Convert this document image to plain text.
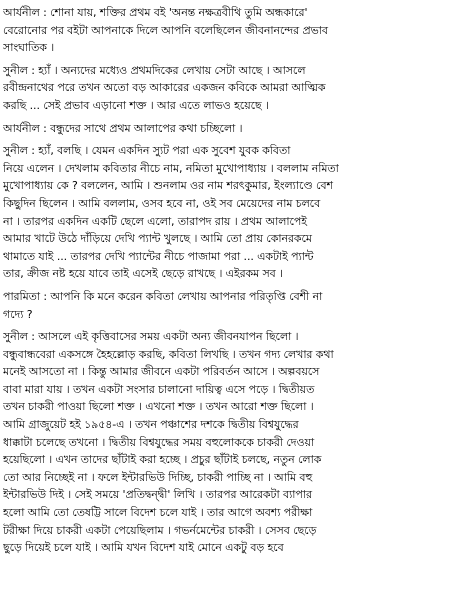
আর্যনীল : শোনা যায়, শক্তির প্রথম বই 'অনন্ত নক্ষত্রবীথি তুমি অন্ধকারে'
বেরোনোর পর বইটা আপনাকে দিলে আপনি বলেছিলেন জীবনানন্দের প্রভাব
সাংঘাতিক ।
সুনীল : হ্যাঁ । অন্যদের মধ্যেও প্রথমদিকের লেখায় সেটা আছে । আসলে
রবীন্দ্রনাথের পরে তখন অতো বড় আকারের একজন কবিকে আমরা আত্মিক
করছি ... সেই প্রভাব এড়ানো শক্ত । আর এতে লাভও হয়েছে ।
আর্যনীল : বন্ধুদের সাথে প্রথম আলাপের কথা চচ্ছিলো ।
সুনীল : হ্যাঁ, বলছি । যেমন একদিন স্যুট পরা এক সুবেশ যুবক কবিতা
নিয়ে এলেন । দেখলাম কবিতার নীচে নাম, নমিতা মুখোপাধ্যায় । বললাম নমিতা
মুখোপাধ্যায় কে ? বললেন, আমি । শুনলাম ওর নাম শরৎকুমার, ইংল্যাণ্ডে বেশ
কিছুদিন ছিলেন । আমি বললাম, ওসব হবে না, ওই সব মেয়েদের নাম চলবে
না । তারপর একদিন একটি ছেলে এলো, তারাপদ রায় । প্রথম আলাপেই
আমার খাটে উঠে দাঁড়িয়ে দেখি প্যান্ট খুলছে । আমি তো প্রায় কোনরকমে
থামাতে যাই ... তারপর দেখি প্যান্টের নীচে পাজামা পরা ... একটাই প্যান্ট
তার, ক্রীজ নষ্ট হয়ে যাবে তাই এসেই ছেড়ে রাখছে । এইরকম সব ।
পারমিতা : আপনি কি মনে করেন কবিতা লেখায় আপনার পরিতৃপ্তি বেশী না
গদ্যে ?
সুনীল : আসলে এই কৃত্তিবাসের সময় একটা অন্য জীবনযাপন ছিলো ।
বন্ধুবান্ধবেরা একসঙ্গে হৈহল্লোড় করছি, কবিতা লিখছি । তখন গদ্য লেখার কথা
মনেই আসতো না । কিন্তু আমার জীবনে একটা পরিবর্তন আসে । অল্পবয়সে
বাবা মারা যায় । তখন একটা সংসার চালানো দায়িত্ব এসে পড়ে । দ্বিতীয়ত
তখন চাকরী পাওয়া ছিলো শক্ত । এখনো শক্ত । তখন আরো শক্ত ছিলো ।
আমি গ্রাজুয়েট হই ১৯৫৪-এ । তখন পঞ্চাশের দশকে দ্বিতীয় বিশ্বযুদ্ধের
ধাক্কাটা চলেছে তখনো । দ্বিতীয় বিশ্বযুদ্ধের সময় বহুলোককে চাকরী দেওয়া
হয়েছিলো । এখন তাদের ছাঁটাই করা হচ্ছে । প্রচুর ছাঁটাই চলছে, নতুন লোক
তো আর নিচ্ছেই না । ফলে ইন্টারভিউ দিচ্ছি, চাকরী পাচ্ছি না । আমি বহু
ইন্টারভিউ দিই । সেই সময়ে 'প্রতিদ্বন্দ্বী' লিখি । তারপর আরেকটা ব্যাপার
হলো আমি তো তেষট্টি সালে বিদেশ চলে যাই । তার আগে অবশ্য পরীক্ষা
টরীক্ষা দিয়ে চাকরী একটা পেয়েছিলাম । গভর্নমেন্টের চাকরী । সেসব ছেড়ে
ছুড়ে দিয়েই চলে যাই । আমি যখন বিদেশ যাই মোনে একটু বড় হবে
